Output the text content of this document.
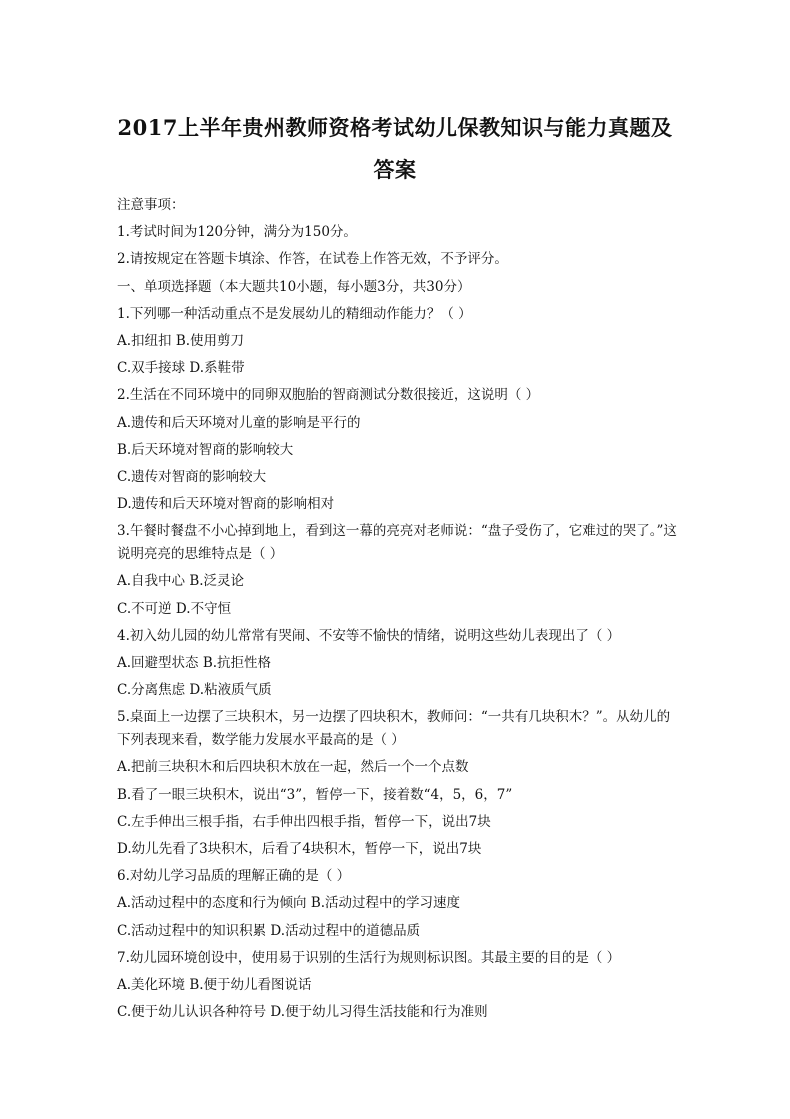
2017上半年贵州教师资格考试幼儿保教知识与能力真题及
答案

注意事项：

1.考试时间为120分钟，满分为150分。

2.请按规定在答题卡填涂、作答，在试卷上作答无效，不予评分。

一、单项选择题（本大题共10小题，每小题3分，共30分）

1.下列哪一种活动重点不是发展幼儿的精细动作能力？（ ）

A.扣纽扣 B.使用剪刀

C.双手接球 D.系鞋带

2.生活在不同环境中的同卵双胞胎的智商测试分数很接近，这说明（ ）

A.遗传和后天环境对儿童的影响是平行的

B.后天环境对智商的影响较大

C.遗传对智商的影响较大

D.遗传和后天环境对智商的影响相对

3.午餐时餐盘不小心掉到地上，看到这一幕的亮亮对老师说：“盘子受伤了，它难过的哭了。”这说明亮亮的思维特点是（ ）

A.自我中心 B.泛灵论

C.不可逆 D.不守恒

4.初入幼儿园的幼儿常常有哭闹、不安等不愉快的情绪，说明这些幼儿表现出了（ ）

A.回避型状态 B.抗拒性格

C.分离焦虑 D.粘液质气质

5.桌面上一边摆了三块积木，另一边摆了四块积木，教师问：“一共有几块积木？”。从幼儿的下列表现来看，数学能力发展水平最高的是（ ）

A.把前三块积木和后四块积木放在一起，然后一个一个点数

B.看了一眼三块积木，说出“3”，暂停一下，接着数“4，5，6，7”

C.左手伸出三根手指，右手伸出四根手指，暂停一下，说出7块

D.幼儿先看了3块积木，后看了4块积木，暂停一下，说出7块

6.对幼儿学习品质的理解正确的是（ ）

A.活动过程中的态度和行为倾向 B.活动过程中的学习速度

C.活动过程中的知识积累 D.活动过程中的道德品质

7.幼儿园环境创设中，使用易于识别的生活行为规则标识图。其最主要的目的是（ ）

A.美化环境 B.便于幼儿看图说话

C.便于幼儿认识各种符号 D.便于幼儿习得生活技能和行为准则
